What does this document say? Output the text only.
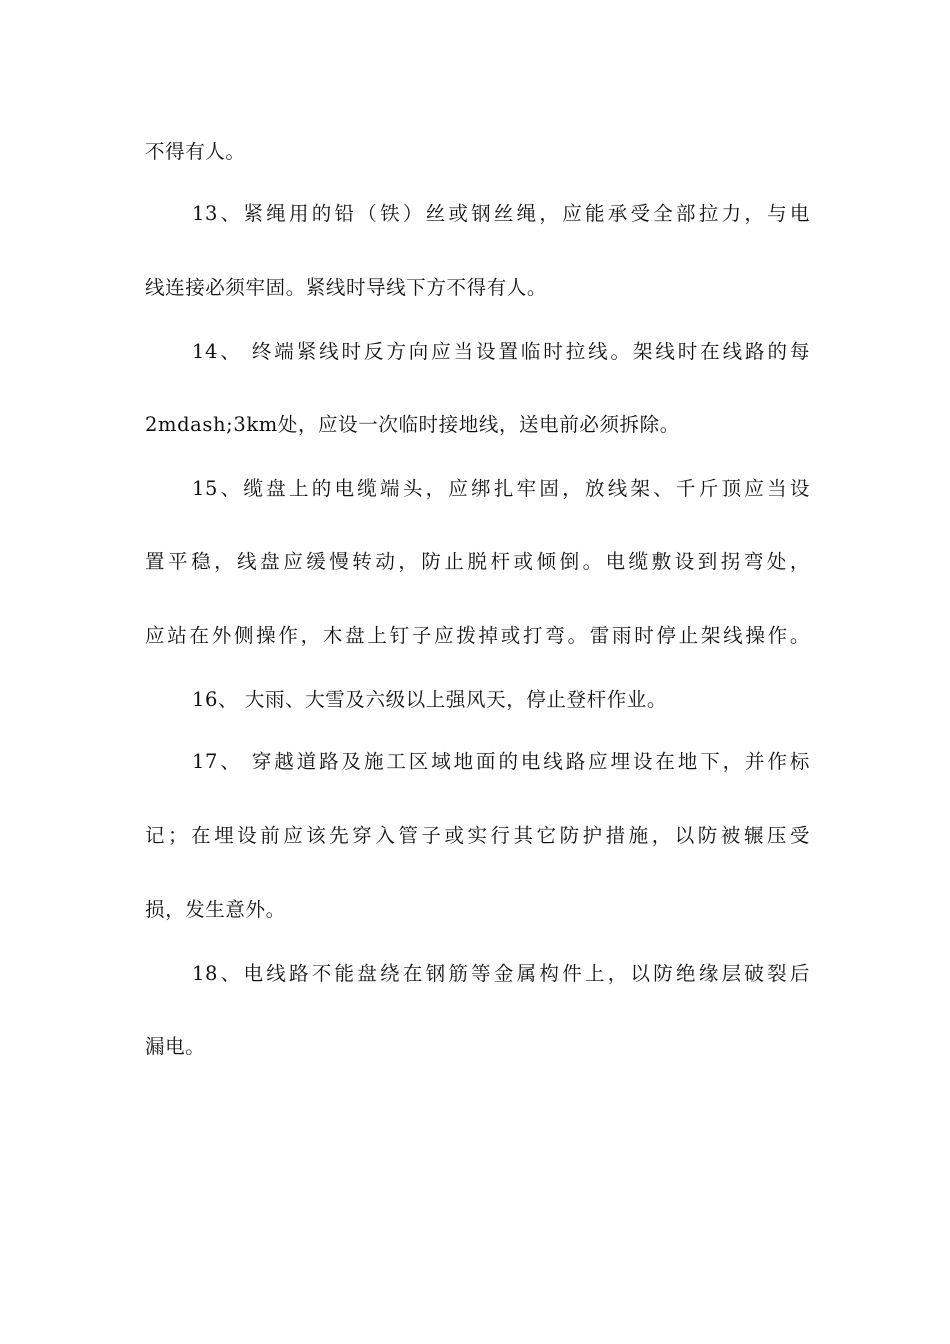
不得有人。
13、紧绳用的铅（铁）丝或钢丝绳，应能承受全部拉力，与电
线连接必须牢固。紧线时导线下方不得有人。
14、 终端紧线时反方向应当设置临时拉线。架线时在线路的每
2mdash;3km处，应设一次临时接地线，送电前必须拆除。
15、缆盘上的电缆端头，应绑扎牢固，放线架、千斤顶应当设
置平稳，线盘应缓慢转动，防止脱杆或倾倒。电缆敷设到拐弯处，
应站在外侧操作，木盘上钉子应拨掉或打弯。雷雨时停止架线操作。
16、 大雨、大雪及六级以上强风天，停止登杆作业。
17、 穿越道路及施工区域地面的电线路应埋设在地下，并作标
记；在埋设前应该先穿入管子或实行其它防护措施，以防被辗压受
损，发生意外。
18、电线路不能盘绕在钢筋等金属构件上，以防绝缘层破裂后
漏电。
